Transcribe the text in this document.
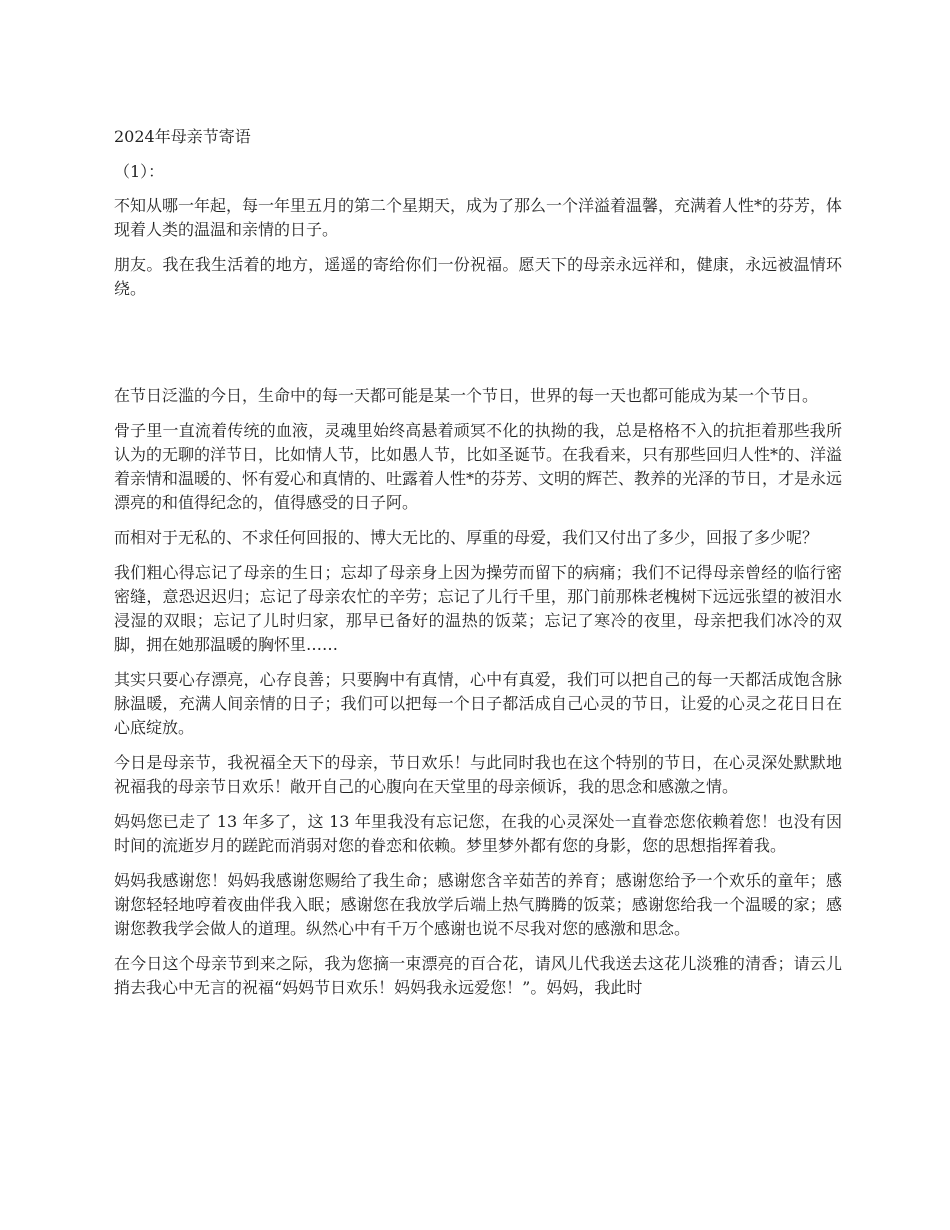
2024年母亲节寄语
（1）：

不知从哪一年起，每一年里五月的第二个星期天，成为了那么一个洋溢着温馨，充满着人性*的芬芳，体现着人类的温温和亲情的日子。

朋友。我在我生活着的地方，遥遥的寄给你们一份祝福。愿天下的母亲永远祥和，健康，永远被温情环绕。

在节日泛滥的今日，生命中的每一天都可能是某一个节日，世界的每一天也都可能成为某一个节日。

骨子里一直流着传统的血液，灵魂里始终高悬着顽冥不化的执拗的我，总是格格不入的抗拒着那些我所认为的无聊的洋节日，比如情人节，比如愚人节，比如圣诞节。在我看来，只有那些回归人性*的、洋溢着亲情和温暖的、怀有爱心和真情的、吐露着人性*的芬芳、文明的辉芒、教养的光泽的节日，才是永远漂亮的和值得纪念的，值得感受的日子阿。

而相对于无私的、不求任何回报的、博大无比的、厚重的母爱，我们又付出了多少，回报了多少呢？

我们粗心得忘记了母亲的生日；忘却了母亲身上因为操劳而留下的病痛；我们不记得母亲曾经的临行密密缝，意恐迟迟归；忘记了母亲农忙的辛劳；忘记了儿行千里，那门前那株老槐树下远远张望的被泪水浸湿的双眼；忘记了儿时归家，那早已备好的温热的饭菜；忘记了寒冷的夜里，母亲把我们冰冷的双脚，拥在她那温暖的胸怀里……

其实只要心存漂亮，心存良善；只要胸中有真情，心中有真爱，我们可以把自己的每一天都活成饱含脉脉温暖，充满人间亲情的日子；我们可以把每一个日子都活成自己心灵的节日，让爱的心灵之花日日在心底绽放。

今日是母亲节，我祝福全天下的母亲，节日欢乐！与此同时我也在这个特别的节日，在心灵深处默默地祝福我的母亲节日欢乐！敞开自己的心腹向在天堂里的母亲倾诉，我的思念和感激之情。

妈妈您已走了 13 年多了，这 13 年里我没有忘记您，在我的心灵深处一直眷恋您依赖着您！也没有因时间的流逝岁月的蹉跎而消弱对您的眷恋和依赖。梦里梦外都有您的身影，您的思想指挥着我。

妈妈我感谢您！妈妈我感谢您赐给了我生命；感谢您含辛茹苦的养育；感谢您给予一个欢乐的童年；感谢您轻轻地哼着夜曲伴我入眠；感谢您在我放学后端上热气腾腾的饭菜；感谢您给我一个温暖的家；感谢您教我学会做人的道理。纵然心中有千万个感谢也说不尽我对您的感激和思念。

在今日这个母亲节到来之际，我为您摘一束漂亮的百合花，请风儿代我送去这花儿淡雅的清香；请云儿捎去我心中无言的祝福“妈妈节日欢乐！妈妈我永远爱您！”。妈妈，我此时
